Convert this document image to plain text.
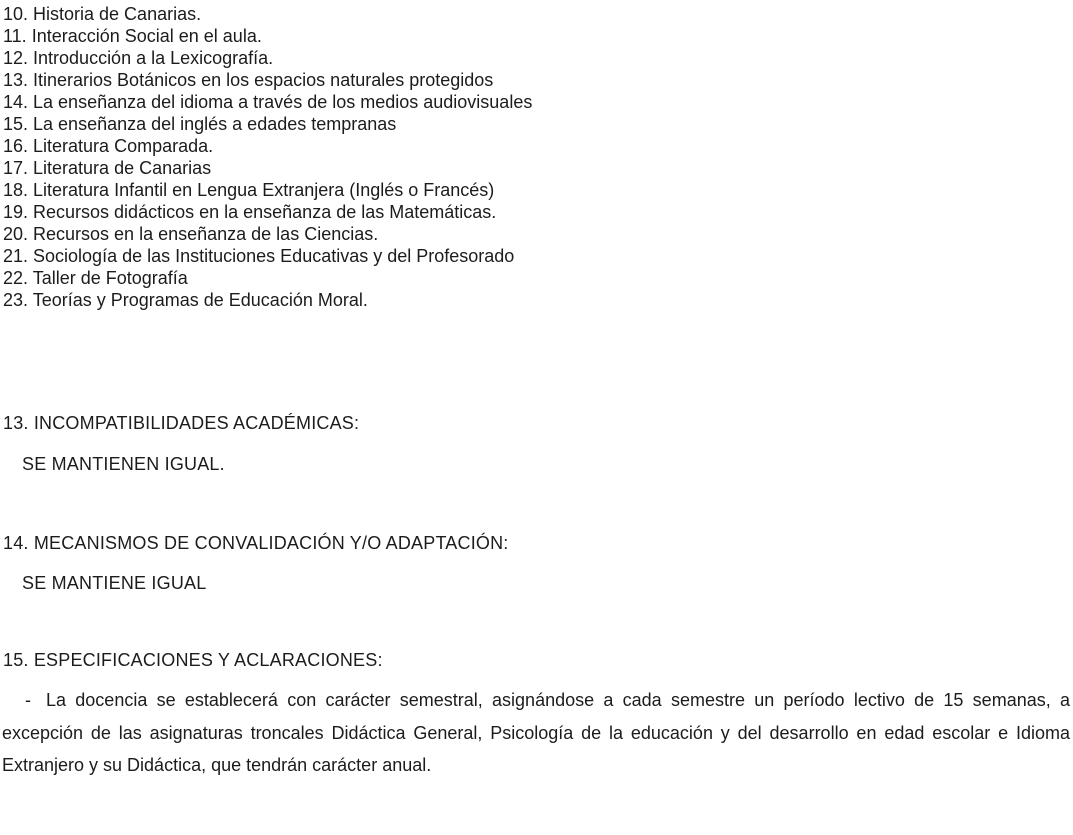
10. Historia de Canarias.
11. Interacción Social en el aula.
12. Introducción a la Lexicografía.
13. Itinerarios Botánicos en los espacios naturales protegidos
14. La enseñanza del idioma a través de los medios audiovisuales
15. La enseñanza del inglés a edades tempranas
16. Literatura Comparada.
17. Literatura de Canarias
18. Literatura Infantil en Lengua Extranjera (Inglés o Francés)
19. Recursos didácticos en la enseñanza de las Matemáticas.
20. Recursos en la enseñanza de las Ciencias.
21. Sociología de las Instituciones Educativas y del Profesorado
22. Taller de Fotografía
23. Teorías y Programas de Educación Moral.
13. INCOMPATIBILIDADES ACADÉMICAS:
SE MANTIENEN IGUAL.
14. MECANISMOS DE CONVALIDACIÓN Y/O ADAPTACIÓN:
SE MANTIENE IGUAL
15. ESPECIFICACIONES Y ACLARACIONES:

- La docencia se establecerá con carácter semestral, asignándose a cada semestre un período lectivo de 15 semanas, a excepción de las asignaturas troncales Didáctica General, Psicología de la educación y del desarrollo en edad escolar e Idioma Extranjero y su Didáctica, que tendrán carácter anual.
